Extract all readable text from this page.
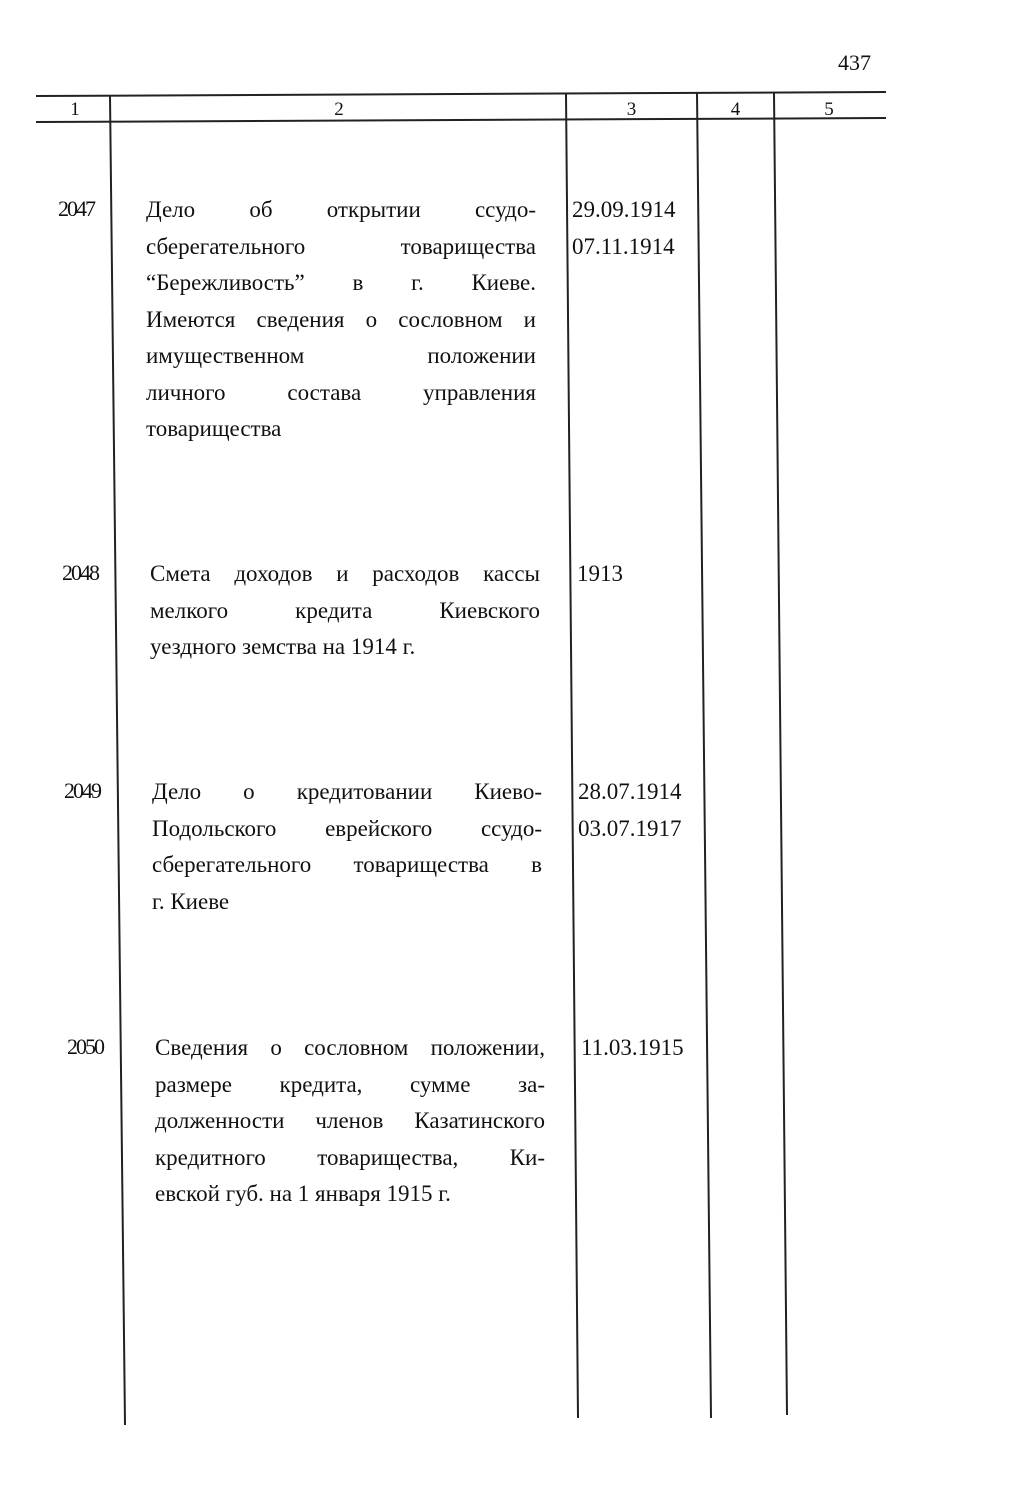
437
1	2	3	4	5
2047 Дело об открытии ссудо-
сберегательного товарищества
“Бережливость” в г. Киеве.
Имеются сведения о сословном и
имущественном положении
личного состава управления
товарищества
29.09.1914
07.11.1914
2048 Смета доходов и расходов кассы
мелкого кредита Киевского
уездного земства на 1914 г.
1913
2049 Дело о кредитовании Киево-
Подольского еврейского ссудо-
сберегательного товарищества в
г. Киеве
28.07.1914
03.07.1917
2050 Сведения о сословном положении,
размере кредита, сумме за-
долженности членов Казатинского
кредитного товарищества, Ки-
евской губ. на 1 января 1915 г.
11.03.1915
